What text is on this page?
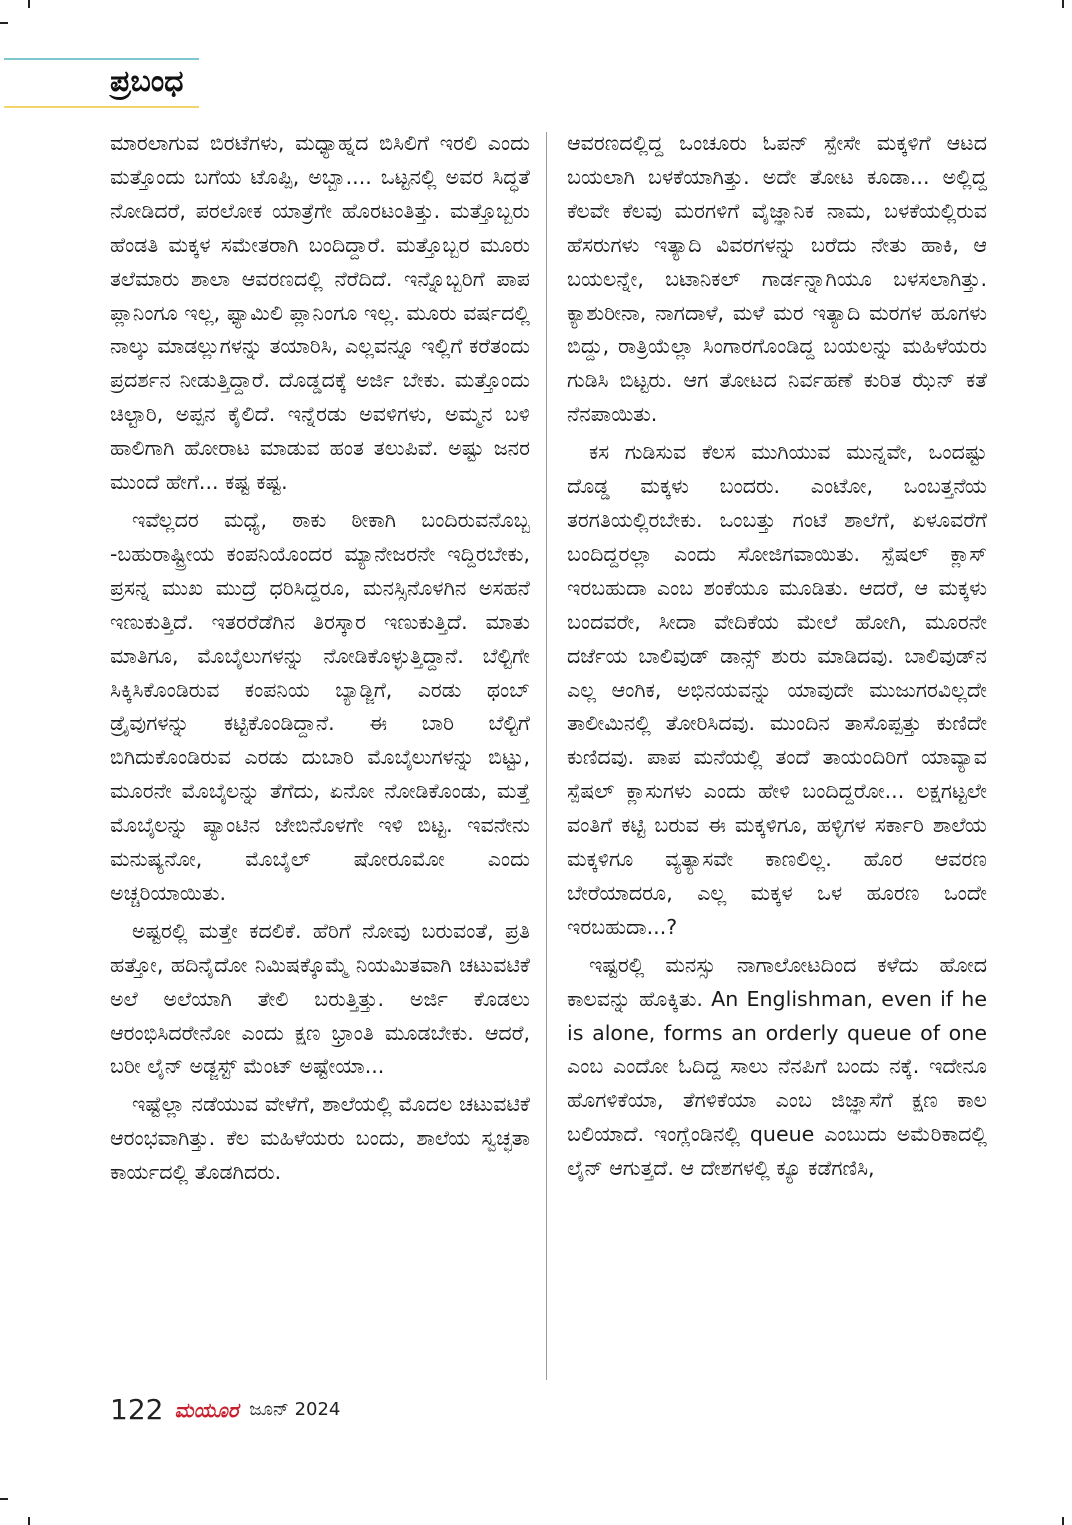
ಪ್ರಬಂಧ

ಮಾರಲಾಗುವ ಬಿರಟೆಗಳು, ಮಧ್ಯಾಹ್ನದ ಬಿಸಿಲಿಗೆ ಇರಲಿ ಎಂದು ಮತ್ತೊಂದು ಬಗೆಯ ಟೊಪ್ಪಿ, ಅಬ್ಬಾ.... ಒಟ್ಟನಲ್ಲಿ ಅವರ ಸಿದ್ಧತೆ ನೋಡಿದರೆ, ಪರಲೋಕ ಯಾತ್ರೆಗೇ ಹೊರಟಂತಿತ್ತು. ಮತ್ತೊಬ್ಬರು ಹೆಂಡತಿ ಮಕ್ಕಳ ಸಮೇತರಾಗಿ ಬಂದಿದ್ದಾರೆ. ಮತ್ತೊಬ್ಬರ ಮೂರು ತಲೆಮಾರು ಶಾಲಾ ಆವರಣದಲ್ಲಿ ನೆರೆದಿದೆ. ಇನ್ನೊಬ್ಬರಿಗೆ ಪಾಪ ಪ್ಲಾನಿಂಗೂ ಇಲ್ಲ, ಫ್ಯಾಮಿಲಿ ಪ್ಲಾನಿಂಗೂ ಇಲ್ಲ. ಮೂರು ವರ್ಷದಲ್ಲಿ ನಾಲ್ಕು ಮಾಡಲ್ಲುಗಳನ್ನು ತಯಾರಿಸಿ, ಎಲ್ಲವನ್ನೂ ಇಲ್ಲಿಗೆ ಕರೆತಂದು ಪ್ರದರ್ಶನ ನೀಡುತ್ತಿದ್ದಾರೆ. ದೊಡ್ಡದಕ್ಕೆ ಅರ್ಜಿ ಬೇಕು. ಮತ್ತೊಂದು ಚಿಲ್ಟಾರಿ, ಅಪ್ಪನ ಕೈಲಿದೆ. ಇನ್ನೆರಡು ಅವಳಿಗಳು, ಅಮ್ಮನ ಬಳಿ ಹಾಲಿಗಾಗಿ ಹೋರಾಟ ಮಾಡುವ ಹಂತ ತಲುಪಿವೆ. ಅಷ್ಟು ಜನರ ಮುಂದೆ ಹೇಗೆ... ಕಷ್ಟ ಕಷ್ಟ.

ಇವೆಲ್ಲದರ ಮಧ್ಯೆ, ಠಾಕು ಠೀಕಾಗಿ ಬಂದಿರುವನೊಬ್ಬ -ಬಹುರಾಷ್ಟ್ರೀಯ ಕಂಪನಿಯೊಂದರ ಮ್ಯಾನೇಜರನೇ ಇದ್ದಿರಬೇಕು, ಪ್ರಸನ್ನ ಮುಖ ಮುದ್ರೆ ಧರಿಸಿದ್ದರೂ, ಮನಸ್ಸಿನೊಳಗಿನ ಅಸಹನೆ ಇಣುಕುತ್ತಿದೆ. ಇತರರೆಡೆಗಿನ ತಿರಸ್ಕಾರ ಇಣುಕುತ್ತಿದೆ. ಮಾತು ಮಾತಿಗೂ, ಮೊಬೈಲುಗಳನ್ನು ನೋಡಿಕೊಳ್ಳುತ್ತಿದ್ದಾನೆ. ಬೆಲ್ಟಿಗೇ ಸಿಕ್ಕಿಸಿಕೊಂಡಿರುವ ಕಂಪನಿಯ ಬ್ಯಾಡ್ಜಿಗೆ, ಎರಡು ಥಂಬ್ ಡ್ರೈವುಗಳನ್ನು ಕಟ್ಟಿಕೊಂಡಿದ್ದಾನೆ. ಈ ಬಾರಿ ಬೆಲ್ಟಿಗೆ ಬಿಗಿದುಕೊಂಡಿರುವ ಎರಡು ದುಬಾರಿ ಮೊಬೈಲುಗಳನ್ನು ಬಿಟ್ಟು, ಮೂರನೇ ಮೊಬೈಲನ್ನು ತೆಗೆದು, ಏನೋ ನೋಡಿಕೊಂಡು, ಮತ್ತೆ ಮೊಬೈಲನ್ನು ಪ್ಯಾಂಟಿನ ಜೇಬಿನೊಳಗೇ ಇಳಿ ಬಿಟ್ಟ. ಇವನೇನು ಮನುಷ್ಯನೋ, ಮೊಬೈಲ್ ಷೋರೂಮೋ ಎಂದು ಅಚ್ಚರಿಯಾಯಿತು.

ಅಷ್ಟರಲ್ಲಿ ಮತ್ತೇ ಕದಲಿಕೆ. ಹೆರಿಗೆ ನೋವು ಬರುವಂತೆ, ಪ್ರತಿ ಹತ್ತೋ, ಹದಿನೈದೋ ನಿಮಿಷಕ್ಕೊಮ್ಮೆ ನಿಯಮಿತವಾಗಿ ಚಟುವಟಿಕೆ ಅಲೆ ಅಲೆಯಾಗಿ ತೇಲಿ ಬರುತ್ತಿತ್ತು. ಅರ್ಜಿ ಕೊಡಲು ಆರಂಭಿಸಿದರೇನೋ ಎಂದು ಕ್ಷಣ ಭ್ರಾಂತಿ ಮೂಡಬೇಕು. ಆದರೆ, ಬರೀ ಲೈನ್ ಅಡ್ಜಸ್ಟ್ ಮೆಂಟ್ ಅಷ್ಟೇಯಾ...

ಇಷ್ಟೆಲ್ಲಾ ನಡೆಯುವ ವೇಳೆಗೆ, ಶಾಲೆಯಲ್ಲಿ ಮೊದಲ ಚಟುವಟಿಕೆ ಆರಂಭವಾಗಿತ್ತು. ಕೆಲ ಮಹಿಳೆಯರು ಬಂದು, ಶಾಲೆಯ ಸ್ವಚ್ಛತಾ ಕಾರ್ಯದಲ್ಲಿ ತೊಡಗಿದರು.

ಆವರಣದಲ್ಲಿದ್ದ ಒಂಚೂರು ಓಪನ್ ಸ್ಪೇಸೇ ಮಕ್ಕಳಿಗೆ ಆಟದ ಬಯಲಾಗಿ ಬಳಕೆಯಾಗಿತ್ತು. ಅದೇ ತೋಟ ಕೂಡಾ... ಅಲ್ಲಿದ್ದ ಕೆಲವೇ ಕೆಲವು ಮರಗಳಿಗೆ ವೈಜ್ಞಾನಿಕ ನಾಮ, ಬಳಕೆಯಲ್ಲಿರುವ ಹೆಸರುಗಳು ಇತ್ಯಾದಿ ವಿವರಗಳನ್ನು ಬರೆದು ನೇತು ಹಾಕಿ, ಆ ಬಯಲನ್ನೇ, ಬಟಾನಿಕಲ್ ಗಾರ್ಡನ್ನಾಗಿಯೂ ಬಳಸಲಾಗಿತ್ತು. ಕ್ಯಾಶುರೀನಾ, ನಾಗದಾಳೆ, ಮಳೆ ಮರ ಇತ್ಯಾದಿ ಮರಗಳ ಹೂಗಳು ಬಿದ್ದು, ರಾತ್ರಿಯೆಲ್ಲಾ ಸಿಂಗಾರಗೊಂಡಿದ್ದ ಬಯಲನ್ನು ಮಹಿಳೆಯರು ಗುಡಿಸಿ ಬಿಟ್ಟರು. ಆಗ ತೋಟದ ನಿರ್ವಹಣೆ ಕುರಿತ ಝೆನ್ ಕತೆ ನೆನಪಾಯಿತು.

ಕಸ ಗುಡಿಸುವ ಕೆಲಸ ಮುಗಿಯುವ ಮುನ್ನವೇ, ಒಂದಷ್ಟು ದೊಡ್ಡ ಮಕ್ಕಳು ಬಂದರು. ಎಂಟೋ, ಒಂಬತ್ತನೆಯ ತರಗತಿಯಲ್ಲಿರಬೇಕು. ಒಂಬತ್ತು ಗಂಟೆ ಶಾಲೆಗೆ, ಏಳೂವರೆಗೆ ಬಂದಿದ್ದರಲ್ಲಾ ಎಂದು ಸೋಜಿಗವಾಯಿತು. ಸ್ಪೆಷಲ್ ಕ್ಲಾಸ್ ಇರಬಹುದಾ ಎಂಬ ಶಂಕೆಯೂ ಮೂಡಿತು. ಆದರೆ, ಆ ಮಕ್ಕಳು ಬಂದವರೇ, ಸೀದಾ ವೇದಿಕೆಯ ಮೇಲೆ ಹೋಗಿ, ಮೂರನೇ ದರ್ಜೆಯ ಬಾಲಿವುಡ್ ಡಾನ್ಸ್ ಶುರು ಮಾಡಿದವು. ಬಾಲಿವುಡ್‌ನ ಎಲ್ಲ ಆಂಗಿಕ, ಅಭಿನಯವನ್ನು ಯಾವುದೇ ಮುಜುಗರವಿಲ್ಲದೇ ತಾಲೀಮಿನಲ್ಲಿ ತೋರಿಸಿದವು. ಮುಂದಿನ ತಾಸೊಪ್ಪತ್ತು ಕುಣಿದೇ ಕುಣಿದವು. ಪಾಪ ಮನೆಯಲ್ಲಿ ತಂದೆ ತಾಯಂದಿರಿಗೆ ಯಾವ್ಯಾವ ಸ್ಪೆಷಲ್ ಕ್ಲಾಸುಗಳು ಎಂದು ಹೇಳಿ ಬಂದಿದ್ದರೋ... ಲಕ್ಷಗಟ್ಟಲೇ ವಂತಿಗೆ ಕಟ್ಟಿ ಬರುವ ಈ ಮಕ್ಕಳಿಗೂ, ಹಳ್ಳಿಗಳ ಸರ್ಕಾರಿ ಶಾಲೆಯ ಮಕ್ಕಳಿಗೂ ವ್ಯತ್ಯಾಸವೇ ಕಾಣಲಿಲ್ಲ. ಹೊರ ಆವರಣ ಬೇರೆಯಾದರೂ, ಎಲ್ಲ ಮಕ್ಕಳ ಒಳ ಹೂರಣ ಒಂದೇ ಇರಬಹುದಾ...?

ಇಷ್ಟರಲ್ಲಿ ಮನಸ್ಸು ನಾಗಾಲೋಟದಿಂದ ಕಳೆದು ಹೋದ ಕಾಲವನ್ನು ಹೊಕ್ಕಿತು. An Englishman, even if he is alone, forms an orderly queue of one ಎಂಬ ಎಂದೋ ಓದಿದ್ದ ಸಾಲು ನೆನಪಿಗೆ ಬಂದು ನಕ್ಕೆ. ಇದೇನೂ ಹೊಗಳಿಕೆಯಾ, ತೆಗಳಿಕೆಯಾ ಎಂಬ ಜಿಜ್ಞಾಸೆಗೆ ಕ್ಷಣ ಕಾಲ ಬಲಿಯಾದೆ. ಇಂಗ್ಲೆಂಡಿನಲ್ಲಿ queue ಎಂಬುದು ಅಮೆರಿಕಾದಲ್ಲಿ ಲೈನ್ ಆಗುತ್ತದೆ. ಆ ದೇಶಗಳಲ್ಲಿ ಕ್ಯೂ ಕಡೆಗಣಿಸಿ,

122 ಮಯೂರ ಜೂನ್ 2024
